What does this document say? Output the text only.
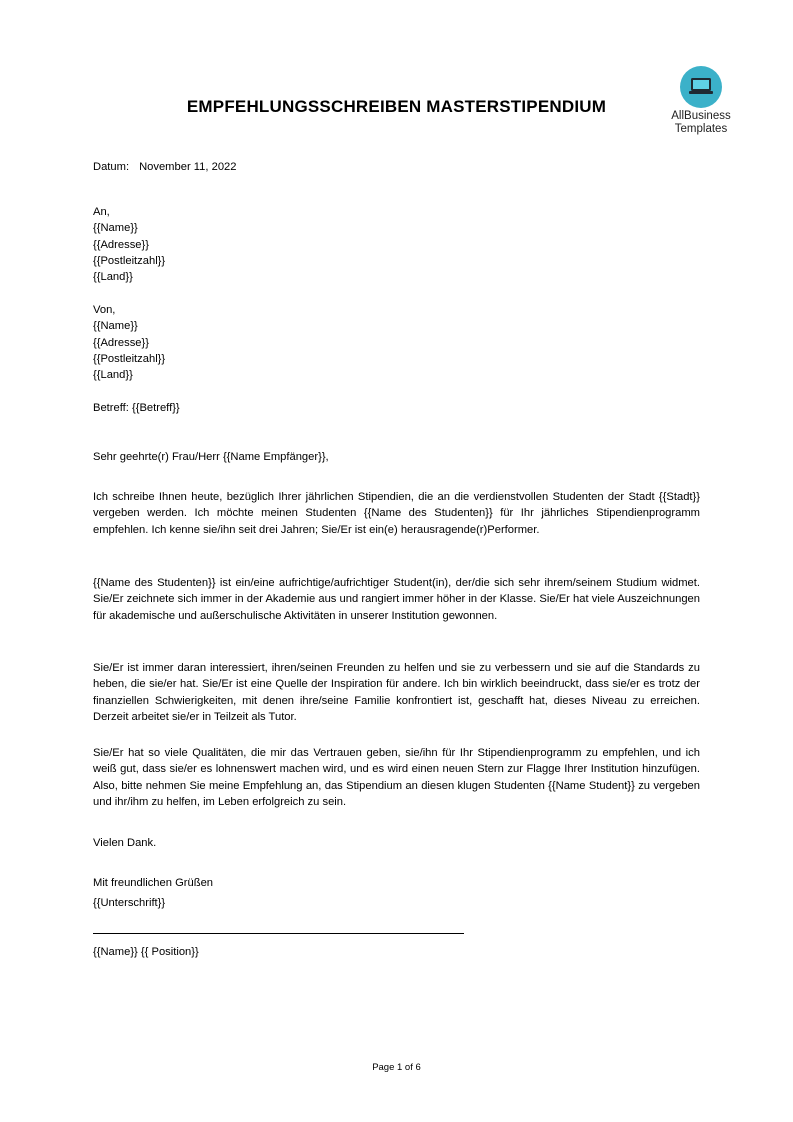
AllBusiness
Templates
EMPFEHLUNGSSCHREIBEN MASTERSTIPENDIUM
Datum: November 11, 2022
An,
{{Name}}
{{Adresse}}
{{Postleitzahl}}
{{Land}}
Von,
{{Name}}
{{Adresse}}
{{Postleitzahl}}
{{Land}}
Betreff: {{Betreff}}
Sehr geehrte(r) Frau/Herr {{Name Empfänger}},
Ich schreibe Ihnen heute, bezüglich Ihrer jährlichen Stipendien, die an die verdienstvollen Studenten der Stadt {{Stadt}} vergeben werden. Ich möchte meinen Studenten {{Name des Studenten}} für Ihr jährliches Stipendienprogramm empfehlen. Ich kenne sie/ihn seit drei Jahren; Sie/Er ist ein(e) herausragende(r)Performer.
{{Name des Studenten}} ist ein/eine aufrichtige/aufrichtiger Student(in), der/die sich sehr ihrem/seinem Studium widmet. Sie/Er zeichnete sich immer in der Akademie aus und rangiert immer höher in der Klasse. Sie/Er hat viele Auszeichnungen für akademische und außerschulische Aktivitäten in unserer Institution gewonnen.
Sie/Er ist immer daran interessiert, ihren/seinen Freunden zu helfen und sie zu verbessern und sie auf die Standards zu heben, die sie/er hat. Sie/Er ist eine Quelle der Inspiration für andere. Ich bin wirklich beeindruckt, dass sie/er es trotz der finanziellen Schwierigkeiten, mit denen ihre/seine Familie konfrontiert ist, geschafft hat, dieses Niveau zu erreichen. Derzeit arbeitet sie/er in Teilzeit als Tutor.
Sie/Er hat so viele Qualitäten, die mir das Vertrauen geben, sie/ihn für Ihr Stipendienprogramm zu empfehlen, und ich weiß gut, dass sie/er es lohnenswert machen wird, und es wird einen neuen Stern zur Flagge Ihrer Institution hinzufügen. Also, bitte nehmen Sie meine Empfehlung an, das Stipendium an diesen klugen Studenten {{Name Student}} zu vergeben und ihr/ihm zu helfen, im Leben erfolgreich zu sein.
Vielen Dank.
Mit freundlichen Grüßen
{{Unterschrift}}
{{Name}} {{ Position}}
Page 1 of 6
